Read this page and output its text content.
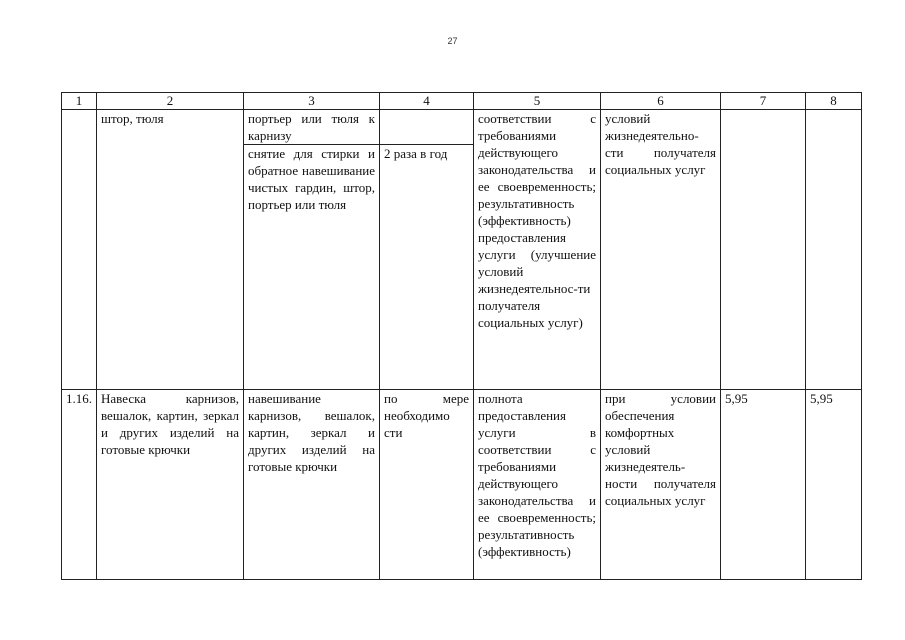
27
1	2	3	4	5	6	7	8
	штор, тюля	портьер или тюля к карнизу		соответствии с требованиями действующего законодательства и ее своевременность; результативность (эффективность) предоставления услуги (улучшение условий жизнедеятельнос-ти получателя социальных услуг)	условий жизнедеятельно-сти получателя социальных услуг		
		снятие для стирки и обратное навешивание чистых гардин, штор, портьер или тюля	2 раза в год				
1.16.	Навеска карнизов, вешалок, картин, зеркал и других изделий на готовые крючки	навешивание карнизов, вешалок, картин, зеркал и других изделий на готовые крючки	по мере необходимо сти	полнота предоставления услуги в соответствии с требованиями действующего законодательства и ее своевременность; результативность (эффективность)	при условии обеспечения комфортных условий жизнедеятель-ности получателя социальных услуг	5,95	5,95
